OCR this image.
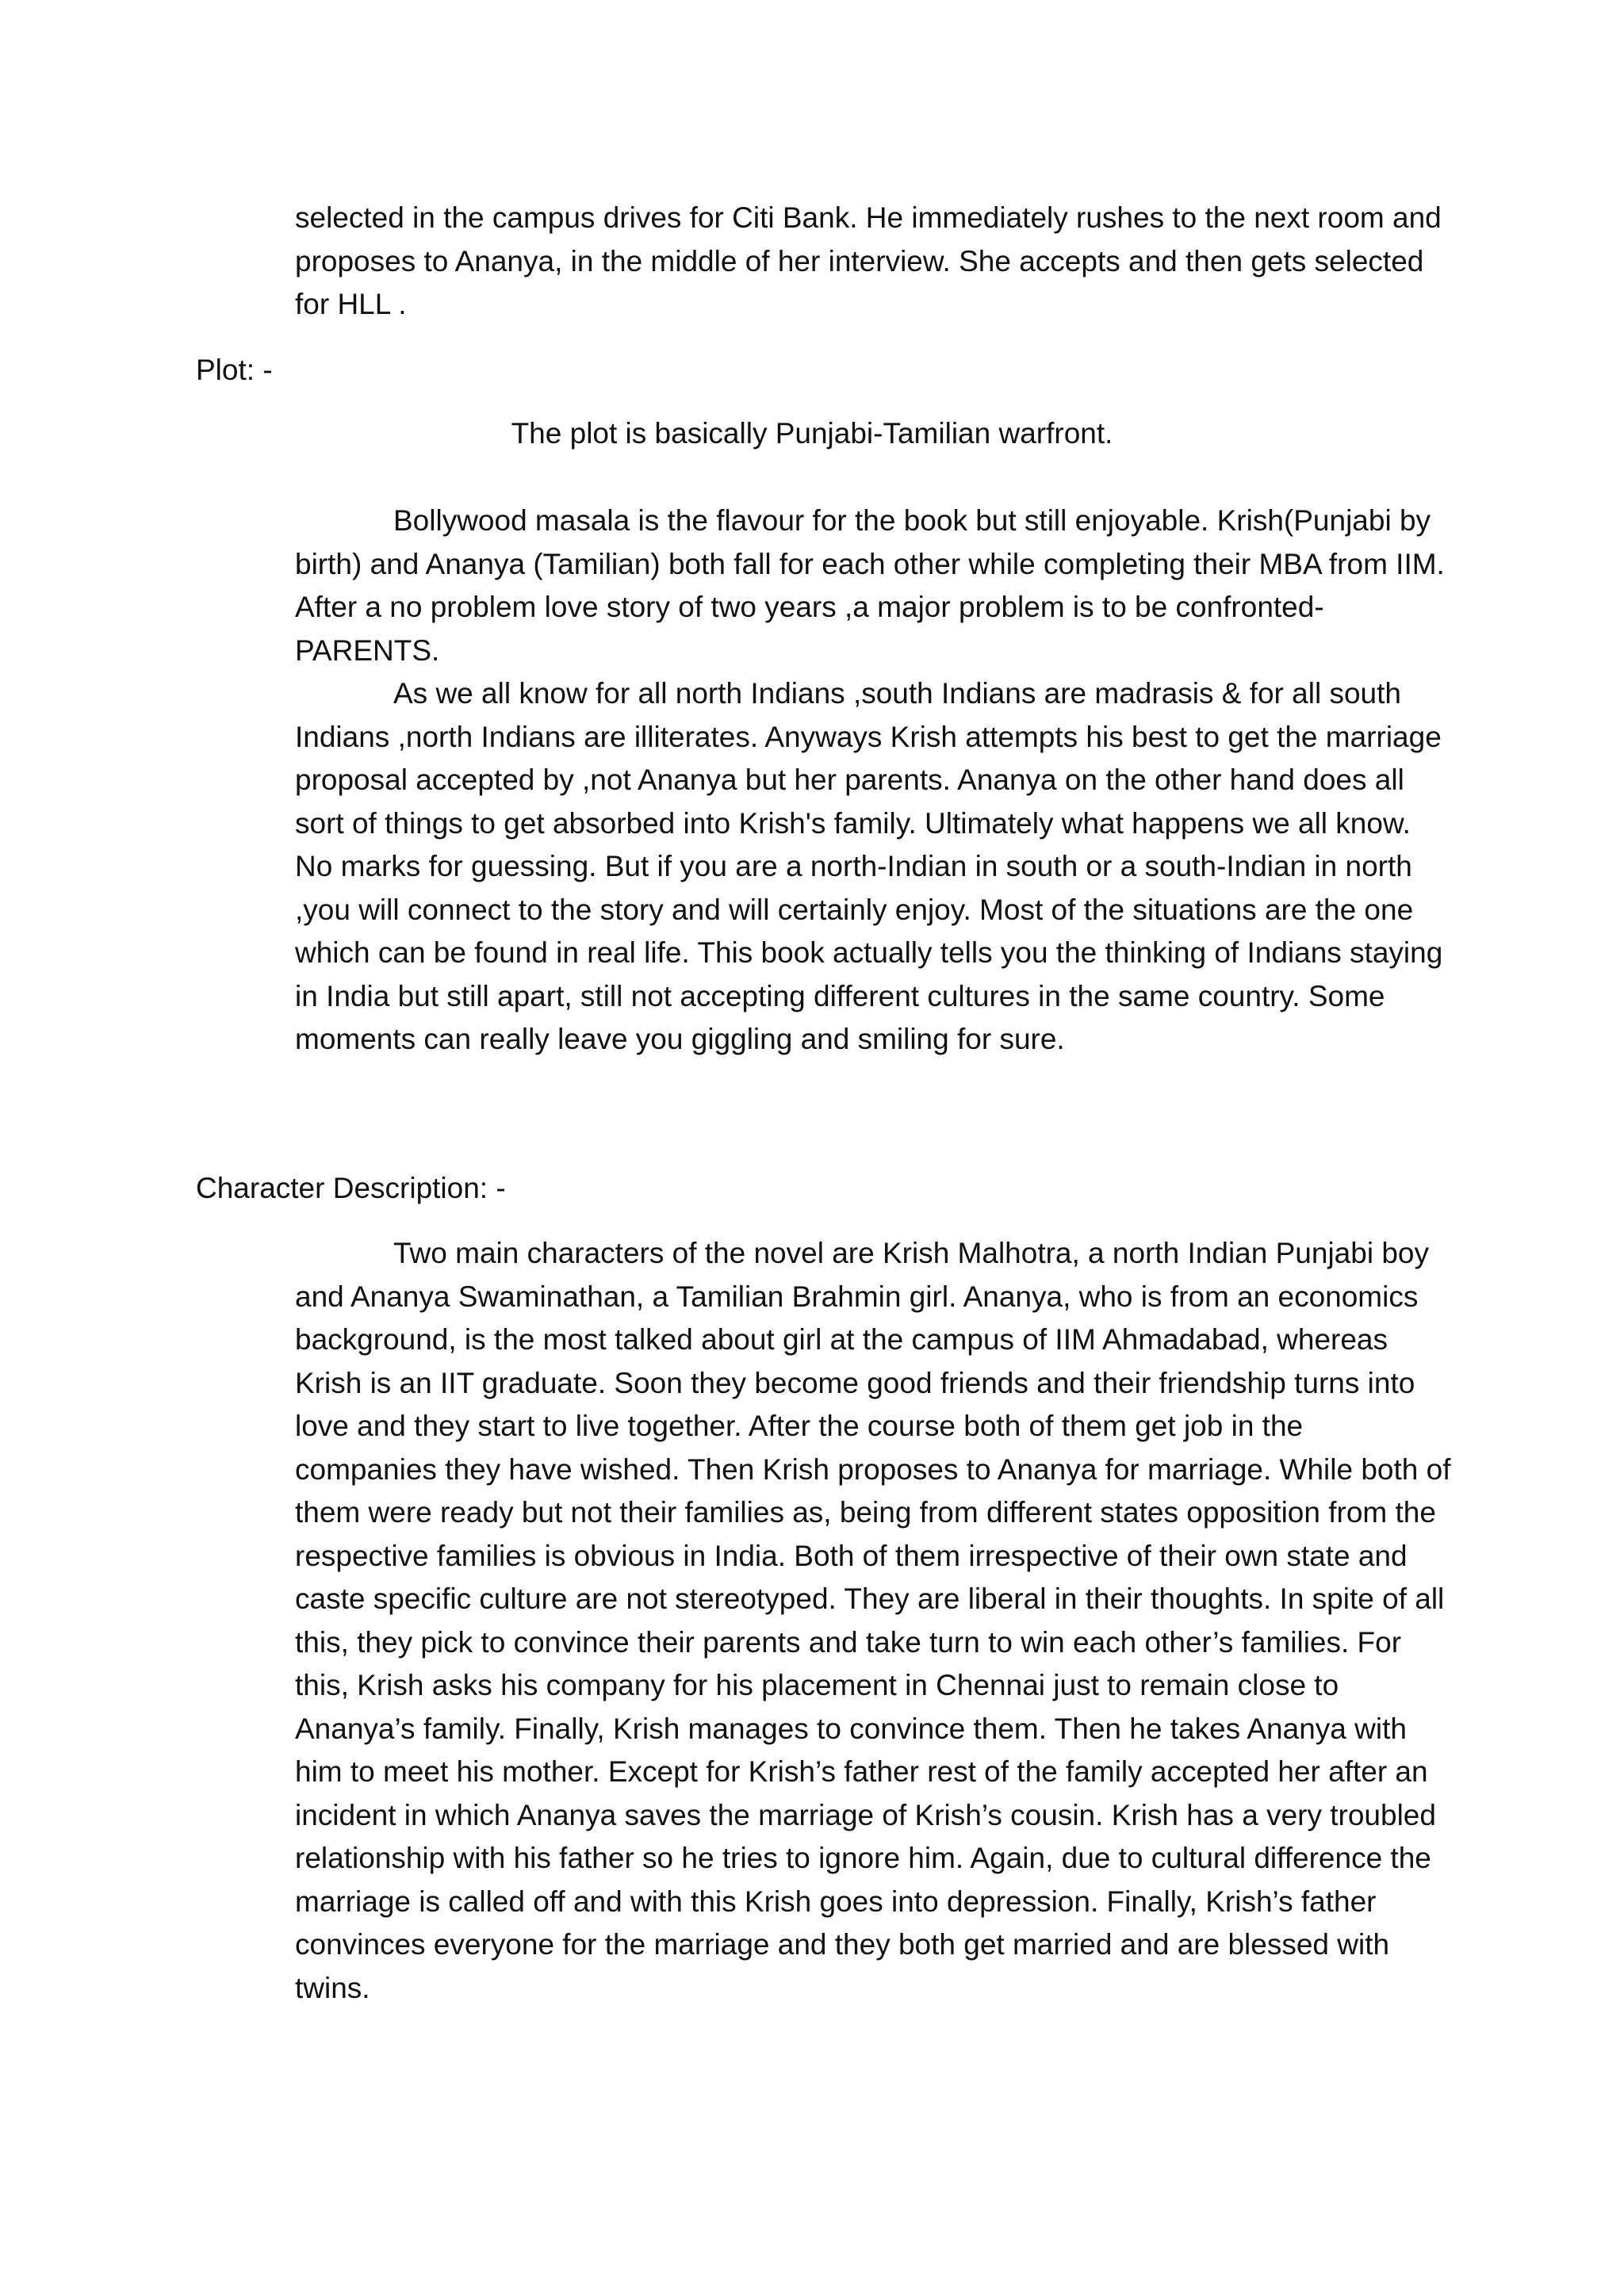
selected in the campus drives for Citi Bank. He immediately rushes to the next room and proposes to Ananya, in the middle of her interview. She accepts and then gets selected for HLL .

Plot: -

The plot is basically Punjabi-Tamilian warfront.

Bollywood masala is the flavour for the book but still enjoyable. Krish(Punjabi by birth) and Ananya (Tamilian) both fall for each other while completing their MBA from IIM. After a no problem love story of two years ,a major problem is to be confronted-PARENTS.

As we all know for all north Indians ,south Indians are madrasis & for all south Indians ,north Indians are illiterates. Anyways Krish attempts his best to get the marriage proposal accepted by ,not Ananya but her parents. Ananya on the other hand does all sort of things to get absorbed into Krish's family. Ultimately what happens we all know. No marks for guessing. But if you are a north-Indian in south or a south-Indian in north ,you will connect to the story and will certainly enjoy. Most of the situations are the one which can be found in real life. This book actually tells you the thinking of Indians staying in India but still apart, still not accepting different cultures in the same country. Some moments can really leave you giggling and smiling for sure.

Character Description: -

Two main characters of the novel are Krish Malhotra, a north Indian Punjabi boy and Ananya Swaminathan, a Tamilian Brahmin girl. Ananya, who is from an economics background, is the most talked about girl at the campus of IIM Ahmadabad, whereas Krish is an IIT graduate. Soon they become good friends and their friendship turns into love and they start to live together. After the course both of them get job in the companies they have wished. Then Krish proposes to Ananya for marriage. While both of them were ready but not their families as, being from different states opposition from the respective families is obvious in India. Both of them irrespective of their own state and caste specific culture are not stereotyped. They are liberal in their thoughts. In spite of all this, they pick to convince their parents and take turn to win each other’s families. For this, Krish asks his company for his placement in Chennai just to remain close to Ananya’s family. Finally, Krish manages to convince them. Then he takes Ananya with him to meet his mother. Except for Krish’s father rest of the family accepted her after an incident in which Ananya saves the marriage of Krish’s cousin. Krish has a very troubled relationship with his father so he tries to ignore him. Again, due to cultural difference the marriage is called off and with this Krish goes into depression. Finally, Krish’s father convinces everyone for the marriage and they both get married and are blessed with twins.
